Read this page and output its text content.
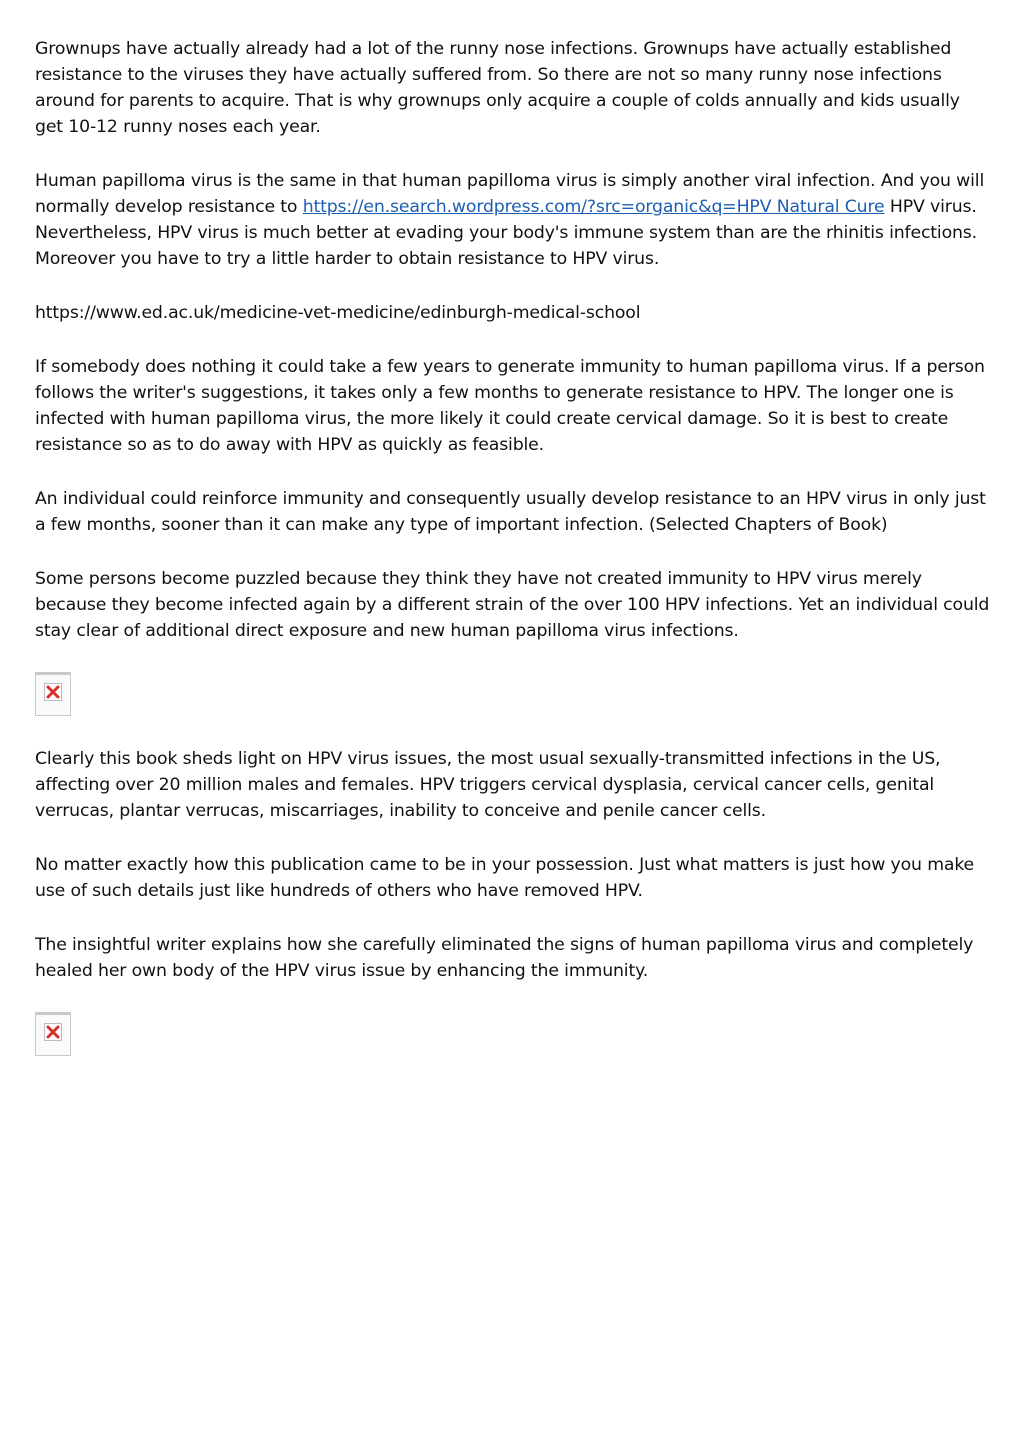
Grownups have actually already had a lot of the runny nose infections. Grownups have actually established resistance to the viruses they have actually suffered from. So there are not so many runny nose infections around for parents to acquire. That is why grownups only acquire a couple of colds annually and kids usually get 10-12 runny noses each year.

Human papilloma virus is the same in that human papilloma virus is simply another viral infection. And you will normally develop resistance to https://en.search.wordpress.com/?src=organic&q=HPV Natural Cure HPV virus. Nevertheless, HPV virus is much better at evading your body's immune system than are the rhinitis infections. Moreover you have to try a little harder to obtain resistance to HPV virus.

https://www.ed.ac.uk/medicine-vet-medicine/edinburgh-medical-school

If somebody does nothing it could take a few years to generate immunity to human papilloma virus. If a person follows the writer's suggestions, it takes only a few months to generate resistance to HPV. The longer one is infected with human papilloma virus, the more likely it could create cervical damage. So it is best to create resistance so as to do away with HPV as quickly as feasible.

An individual could reinforce immunity and consequently usually develop resistance to an HPV virus in only just a few months, sooner than it can make any type of important infection. (Selected Chapters of Book)

Some persons become puzzled because they think they have not created immunity to HPV virus merely because they become infected again by a different strain of the over 100 HPV infections. Yet an individual could stay clear of additional direct exposure and new human papilloma virus infections.

Clearly this book sheds light on HPV virus issues, the most usual sexually-transmitted infections in the US, affecting over 20 million males and females. HPV triggers cervical dysplasia, cervical cancer cells, genital verrucas, plantar verrucas, miscarriages, inability to conceive and penile cancer cells.

No matter exactly how this publication came to be in your possession. Just what matters is just how you make use of such details just like hundreds of others who have removed HPV.

The insightful writer explains how she carefully eliminated the signs of human papilloma virus and completely healed her own body of the HPV virus issue by enhancing the immunity.
